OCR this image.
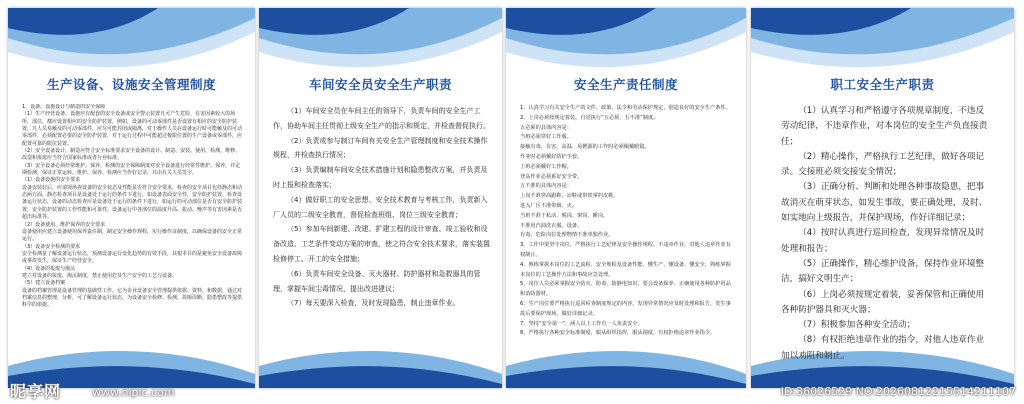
生产设备、设施安全管理制度

1、设备、设施设计与制造的安全保障

（1）生产经营设备，设施应有配套的安全设备或安全警示装置凡可产生危险，有害因素较大的场所、部位，都应设置相应的安全防护装置，例如，设备的可动零部件是否设置有相应的安全防护装置，凡人员易触及的可动零部件，应尽可能封闭或隔离，对于操作人员在设备运行时可能触及的可动零部件，必须配置必要的安全防护装置，对于运行过程中可能超过极限位置的生产设备或零部件，应配置可靠的限位装置。

（2）安全设备设计，制造应符合安全标准要求安全设备的设计、制造、安装、使用、检测、维修、改造和报废应当符合国家标准或者行业标准。

（3）安全设备必须经常维护、保养，检测的安全保障制度对安全设备进行经常性维护、保养，并定期检测，保证正常运转。维护、保养、检测应当作好记录，并由有关人员签字。

（1）设备设施的安全要求

设备安装好后，应请现场查设备的安全状态及性能是否符合安全要求，检查的安全项目包括静态和动态两方面，静态检查项目是设备处于运行的条件下进行，如设备表面安全性，安全防护装置，检查设备运行状态，设备的动态检查应是设备处于运行的条件下进行，如运行的可动部位是否有安全防护装置，安全防护装置的工作性能和可靠性，设备运行中各部位的温度升高、振动、噪声等有害因素是否超出标准等。

（2）设备使用、维护保养的安全要求

设备使用应建立设备使用保养责任制，制定安全操作规程，实行操作证制度，以确保设备的安全正常运行。

（3）设备安全检测的要求

安全检测是了解设备运行状态，预测设备运行变化趋势的有效手段，其根本目的是避免安全设备故障或事故发生，保证生产经营安全。

（4）设备的报废与淘汰

建立对设备的报废、淘汰制度，禁止使用危及生产安全的工艺与设备。

（5）建立设备档案

设备的档案管理是设备管理的基础性工作，它为企业设备安全管理提供依据、资料，和数据，通过对档案信息的整理，分析，可了解设备运行状态，为设备安全检修、检测、故障诊断、隐患整改等提供科学的依据。

车间安全员安全生产职责

（1）车间安全员在车间主任的领导下，负责车间的安全生产工作，协助车间主任贯彻上级安全生产的指示和规定，并检查督促执行。

（2）负责或参与制订车间有关安全生产管理制度和安全技术操作规程，并检查执行情况；

（3）负责编制车间安全技术措施计划和隐患整改方案，并负责及时上报和检查落实；

（4）做好职工的安全思想、安全技术教育与考核工作，负责新入厂人员的二级安全教育，督促检查班组、岗位三级安全教育；

（5）参加车间新建、改建、扩建工程的设计审查、竣工验收和设备改造、工艺条件变动方案的审查，使之符合安全技术要求，落实装置检修停工、开工的安全措施；

（6）负责车间安全设备、灭火器材、防护器材和急救器具的管理，掌握车间尘毒情况，提出改进建议；

（7）每天要深入检查，及时发现隐患，制止违章作业。

安全生产责任制度

1、认真学习有关安全生产的文件、政策、法令和劳动保护规定，创造良好的安全生产条件。

2、上岗必须按规定着装，自觉执行“五必须、五不准”制度。

五必须的具体内容是：

当班必须穿好工作服。

接触有毒、有害、高温、易燃源的工作时必须佩戴眼镜。

作业时必须戴好防护手套。

上班必须戴好工作帽。

登高作业必须系好安全带。

五不准的具体内容是：

上岗不准穿高跟鞋、凉鞋或带铁掌的皮鞋。

进入厂区不准带烟、火。

当班不准干私活、脱岗、窜岗、睡岗。

不准用汽油洗衣服、设备。

有毒、危险岗位处理物情不准单独作业。

3、工作中要坚守岗位，严格执行工艺纪律及安全操作规程，不违章作业，对他人违章作业有权制止。

4、熟练掌握本岗位的工艺流程、安全规程及设备性能，懂生产、懂设备、懂安全，熟练掌握本岗位的工艺操作方法和事故应急处理。

5、岗位人员必须掌握安全防火、防毒、防静电知识，要会设备保养，正确使用各种防护用品和消防器材。

6、生产岗位要严格执行巡回检查制度规定的内容，发现异常情况应及时处理和报告，发生事故后要保护现场，做好详细记录。

7、坚持“安全第一”，两人以上工作有一人负责安全。

8、严格执行各种安全标准制度，服从组织指挥，服从调度，有权拒绝违章作业指令。

职工安全生产职责

（1）认真学习和严格遵守各项规章制度，不违反劳动纪律，不违章作业，对本岗位的安全生产负直接责任；

（2）精心操作，严格执行工艺纪律，做好各项记录。交接班必须交接安全情况；

（3）正确分析、判断和处理各种事故隐患，把事故消灭在萌芽状态，如发生事故，要正确处理，及时、如实地向上级报告，并保护现场，作好详细记录；

（4）按时认真进行巡回检查，发现异常情况及时处理和报告；

（5）正确操作，精心维护设备，保持作业环境整洁，搞好文明生产；

（6）上岗必须按规定着装，妥善保管和正确使用各种防护器具和灭火器；

（7）积极参加各种安全活动；

（8）有权拒绝违章作业的指令，对他人违章作业加以劝阻和制止。

昵享网	www.nipic.com	ID:36026529 NO:20260812215514211107
